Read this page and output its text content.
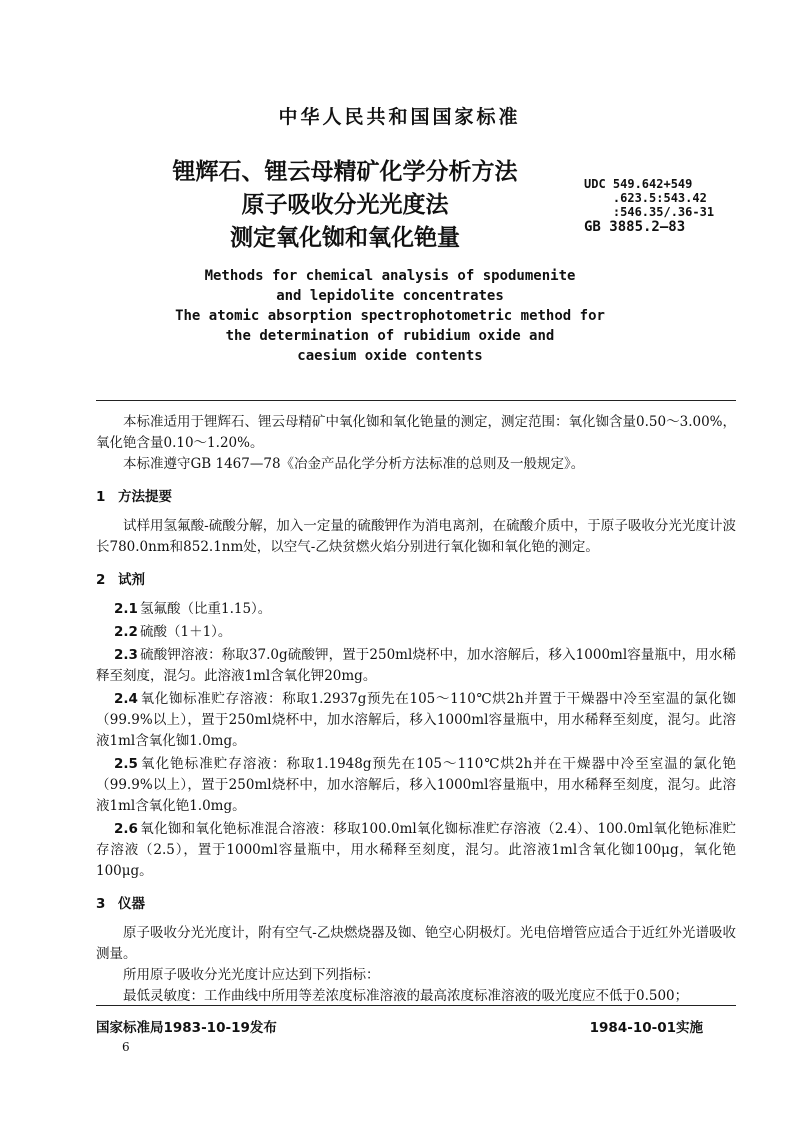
中华人民共和国国家标准
锂辉石、锂云母精矿化学分析方法
原子吸收分光光度法
测定氧化铷和氧化铯量
UDC 549.642+549
.623.5:543.42
:546.35/.36-31
GB 3885.2—83
Methods for chemical analysis of spodumenite
and lepidolite concentrates
The atomic absorption spectrophotometric method for
the determination of rubidium oxide and
caesium oxide contents

本标准适用于锂辉石、锂云母精矿中氧化铷和氧化铯量的测定，测定范围：氧化铷含量0.50～3.00%，氧化铯含量0.10～1.20%。

本标准遵守GB 1467—78《冶金产品化学分析方法标准的总则及一般规定》。

1 方法提要

试样用氢氟酸-硫酸分解，加入一定量的硫酸钾作为消电离剂，在硫酸介质中，于原子吸收分光光度计波长780.0nm和852.1nm处，以空气-乙炔贫燃火焰分别进行氧化铷和氧化铯的测定。

2 试剂

2.1 氢氟酸（比重1.15）。

2.2 硫酸（1＋1）。

2.3 硫酸钾溶液：称取37.0g硫酸钾，置于250ml烧杯中，加水溶解后，移入1000ml容量瓶中，用水稀释至刻度，混匀。此溶液1ml含氧化钾20mg。

2.4 氧化铷标准贮存溶液：称取1.2937g预先在105～110℃烘2h并置于干燥器中冷至室温的氯化铷（99.9%以上），置于250ml烧杯中，加水溶解后，移入1000ml容量瓶中，用水稀释至刻度，混匀。此溶液1ml含氧化铷1.0mg。

2.5 氧化铯标准贮存溶液：称取1.1948g预先在105～110℃烘2h并在干燥器中冷至室温的氯化铯（99.9%以上），置于250ml烧杯中，加水溶解后，移入1000ml容量瓶中，用水稀释至刻度，混匀。此溶液1ml含氧化铯1.0mg。

2.6 氧化铷和氧化铯标准混合溶液：移取100.0ml氧化铷标准贮存溶液（2.4）、100.0ml氧化铯标准贮存溶液（2.5），置于1000ml容量瓶中，用水稀释至刻度，混匀。此溶液1ml含氧化铷100μg，氧化铯100μg。

3 仪器

原子吸收分光光度计，附有空气-乙炔燃烧器及铷、铯空心阴极灯。光电倍增管应适合于近红外光谱吸收测量。

所用原子吸收分光光度计应达到下列指标：

最低灵敏度：工作曲线中所用等差浓度标准溶液的最高浓度标准溶液的吸光度应不低于0.500；

国家标准局1983-10-19发布	1984-10-01实施
6
